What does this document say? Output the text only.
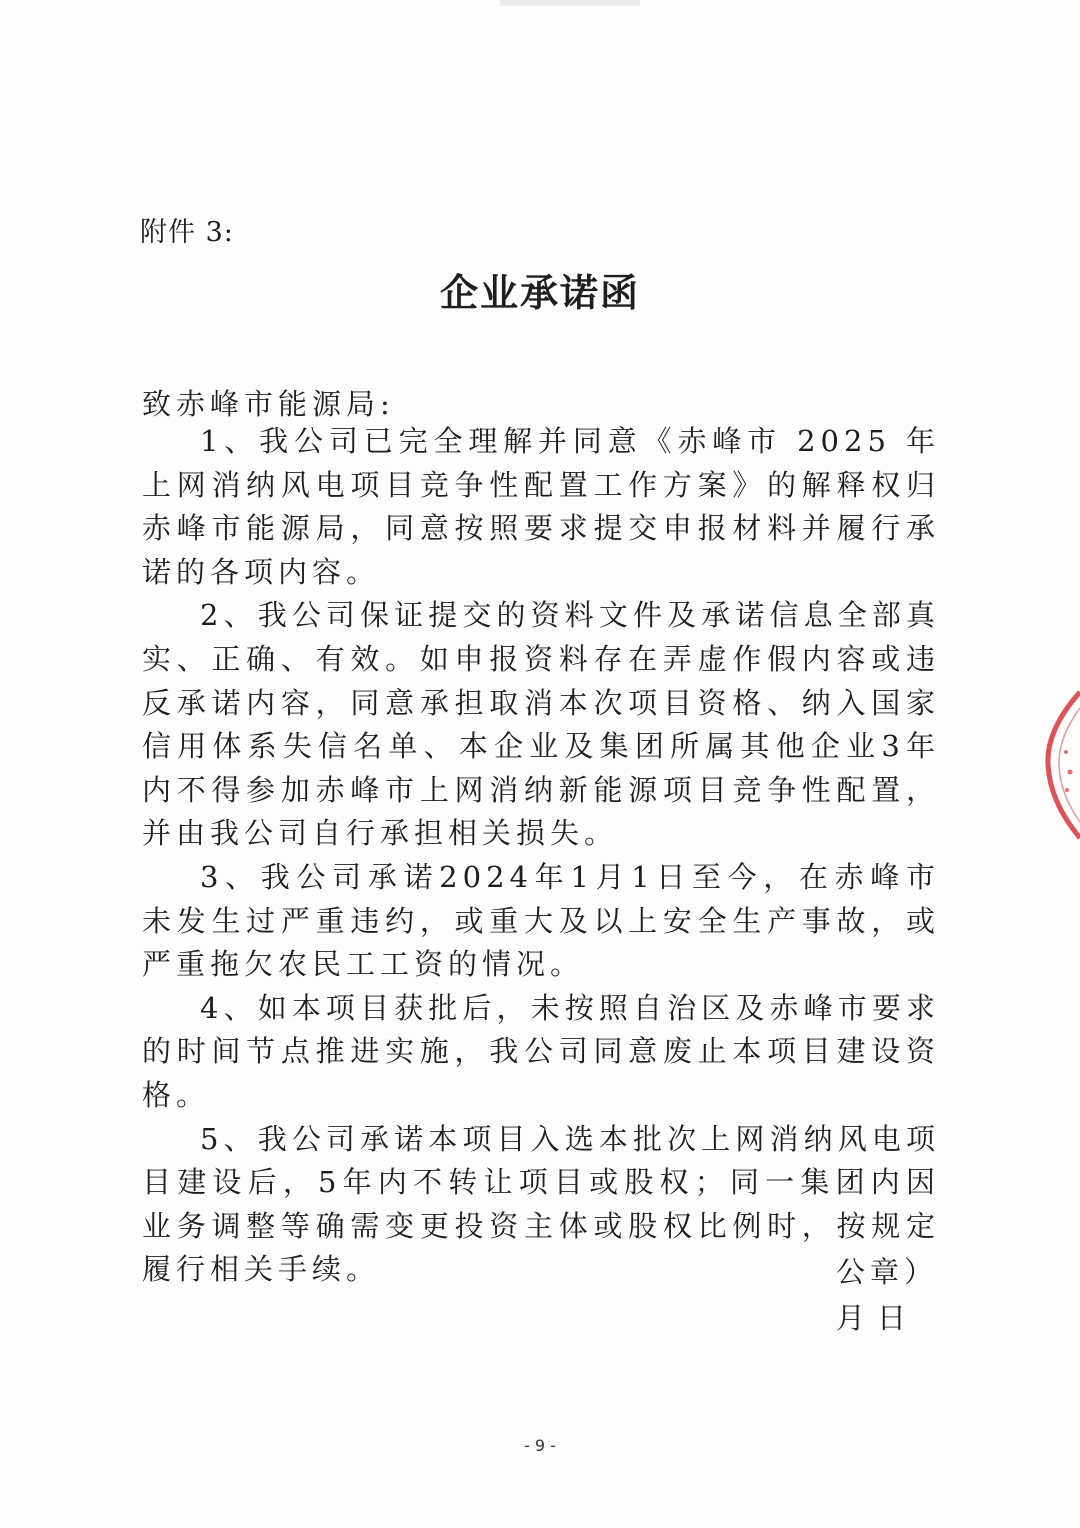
附件 3:
企业承诺函
致赤峰市能源局:

1、我公司已完全理解并同意《赤峰市 2025 年上网消纳风电项目竞争性配置工作方案》的解释权归赤峰市能源局，同意按照要求提交申报材料并履行承诺的各项内容。

2、我公司保证提交的资料文件及承诺信息全部真实、正确、有效。如申报资料存在弄虚作假内容或违反承诺内容，同意承担取消本次项目资格、纳入国家信用体系失信名单、本企业及集团所属其他企业3年内不得参加赤峰市上网消纳新能源项目竞争性配置，并由我公司自行承担相关损失。

3、我公司承诺2024年1月1日至今，在赤峰市未发生过严重违约，或重大及以上安全生产事故，或严重拖欠农民工工资的情况。

4、如本项目获批后，未按照自治区及赤峰市要求的时间节点推进实施，我公司同意废止本项目建设资格。

5、我公司承诺本项目入选本批次上网消纳风电项目建设后，5年内不转让项目或股权；同一集团内因业务调整等确需变更投资主体或股权比例时，按规定履行相关手续。	公章）
月日
- 9 -
